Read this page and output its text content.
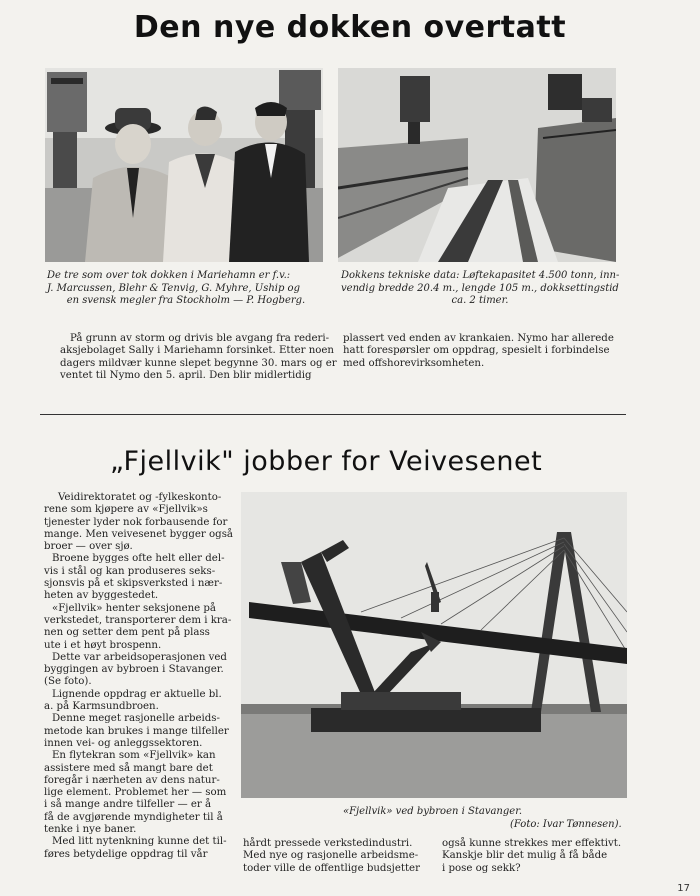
Den nye dokken overtatt
De tre som over tok dokken i Mariehamn er f.v.:
J. Marcussen, Blehr & Tenvig, G. Myhre, Uship og
en svensk megler fra Stockholm — P. Hogberg.
Dokkens tekniske data: Løftekapasitet 4.500 tonn, inn-
vendig bredde 20.4 m., lengde 105 m., dokksettingstid
ca. 2 timer.
På grunn av storm og drivis ble avgang fra rederi-
aksjebolaget Sally i Mariehamn forsinket. Etter noen
dagers mildvær kunne slepet begynne 30. mars og er
ventet til Nymo den 5. april. Den blir midlertidig
plassert ved enden av krankaien. Nymo har allerede
hatt forespørsler om oppdrag, spesielt i forbindelse
med offshorevirksomheten.
„Fjellvik" jobber for Veivesenet
Veidirektoratet og -fylkeskonto-
rene som kjøpere av «Fjellvik»s
tjenester lyder nok forbausende for
mange. Men veivesenet bygger også
broer — over sjø.
Broene bygges ofte helt eller del-
vis i stål og kan produseres seks-
sjonsvis på et skipsverksted i nær-
heten av byggestedet.
«Fjellvik» henter seksjonene på
verkstedet, transporterer dem i kra-
nen og setter dem pent på plass
ute i et høyt brospenn.
Dette var arbeidsoperasjonen ved
byggingen av bybroen i Stavanger.
(Se foto).
Lignende oppdrag er aktuelle bl.
a. på Karmsundbroen.
Denne meget rasjonelle arbeids-
metode kan brukes i mange tilfeller
innen vei- og anleggssektoren.
En flytekran som «Fjellvik» kan
assistere med så mangt bare det
foregår i nærheten av dens natur-
lige element. Problemet her — som
i så mange andre tilfeller — er å
få de avgjørende myndigheter til å
tenke i nye baner.
Med litt nytenkning kunne det til-
føres betydelige oppdrag til vår
«Fjellvik» ved bybroen i Stavanger.
(Foto: Ivar Tønnesen).
hårdt pressede verkstedindustri.
Med nye og rasjonelle arbeidsme-
toder ville de offentlige budsjetter
også kunne strekkes mer effektivt.
Kanskje blir det mulig å få både
i pose og sekk?
17
